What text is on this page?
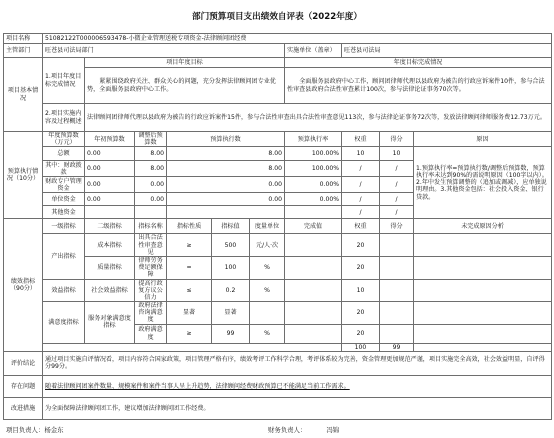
部门预算项目支出绩效自评表（2022年度）
项目名称	51082122T000006593478-小微企业管理送税专项资金-法律顾问团经费									
主管部门	旺苍县司法局部门						实施单位（盖章）	旺苍县司法局		
项目基本情况	1.项目年度目标完成情况	项目年度目标					年度目标完成情况			
		紧紧围绕政府关注、群众关心的问题，充分发挥法律顾问团专业优势，全面服务县政府中心工作。					全面服务县政府中心工作，顾问团律师代理以县政府为被告的行政应诉案件10件，参与合法性审查县政府合法性审查累计100次，参与法律论证事务70次等。			
	2.项目实施内容及过程概述	法律顾问团律师代理以县政府为被告的行政应诉案件15件，参与合法性审查出具合法性审查意见113次，参与法律论证事务72次等，发放法律顾问律师服务费12.73万元。								
预算执行情况（10分）	年度预算数（万元）	年初预算数	调整后预算数	预算执行数			预算执行率	权重	得分	原因
	总额	0.00	8.00	8.00			100.00%	10	10	1.预算执行率=预算执行数/调整后预算数，预算执行率未达到90%的需说明原因（100字以内）。2.年中发生预算调整的（追加或调减），应单独说明理由。3.其他资金包括：社会投入资金、银行贷款。
	其中：财政拨款	0.00	8.00	8.00			100.00%	/	/	
	财政专户管理资金	0.00	0.00	0.00			0.00%	/	/	
	单位资金	0.00	0.00	0.00			0.00%	/	/	
	其他资金							/	/	
绩效指标（90分）	一级指标	二级指标	指标名称	指标性质	指标值	度量单位	完成值	权重	得分	未完成原因分析
	产出指标	成本指标	出具合法性审查意见	≥	500	元/人·次		20		
		质量指标	律师劳务费足额保障	=	100	%		20		
	效益指标	社会效益指标	提高行政复方议公信力	≤	0.2	%		10		
	满意度指标	服务对象满意度指标	政府法律咨询满意度	显著	显著			20		
			政府满意度	≥	99	%		20		
								100	99	
评价结论	通过项目实施自评情况看，项目内容符合国家政策，项目管理严格有序，绩效考评工作科学合理，考评体系较为完善，资金管理更加规范严谨，项目实施完全高效，社会效益明显，自评得分99分。									
存在问题	随着法律顾问团案件数量、规模案件和案件当事人呈上升趋势，法律顾问经费财政预算已不能满足当前工作需求。									
改进措施	为全面保障法律顾问团工作，建议增加法律顾问团工作经费。									
项目负责人：杨金东	财务负责人：	冯锦
